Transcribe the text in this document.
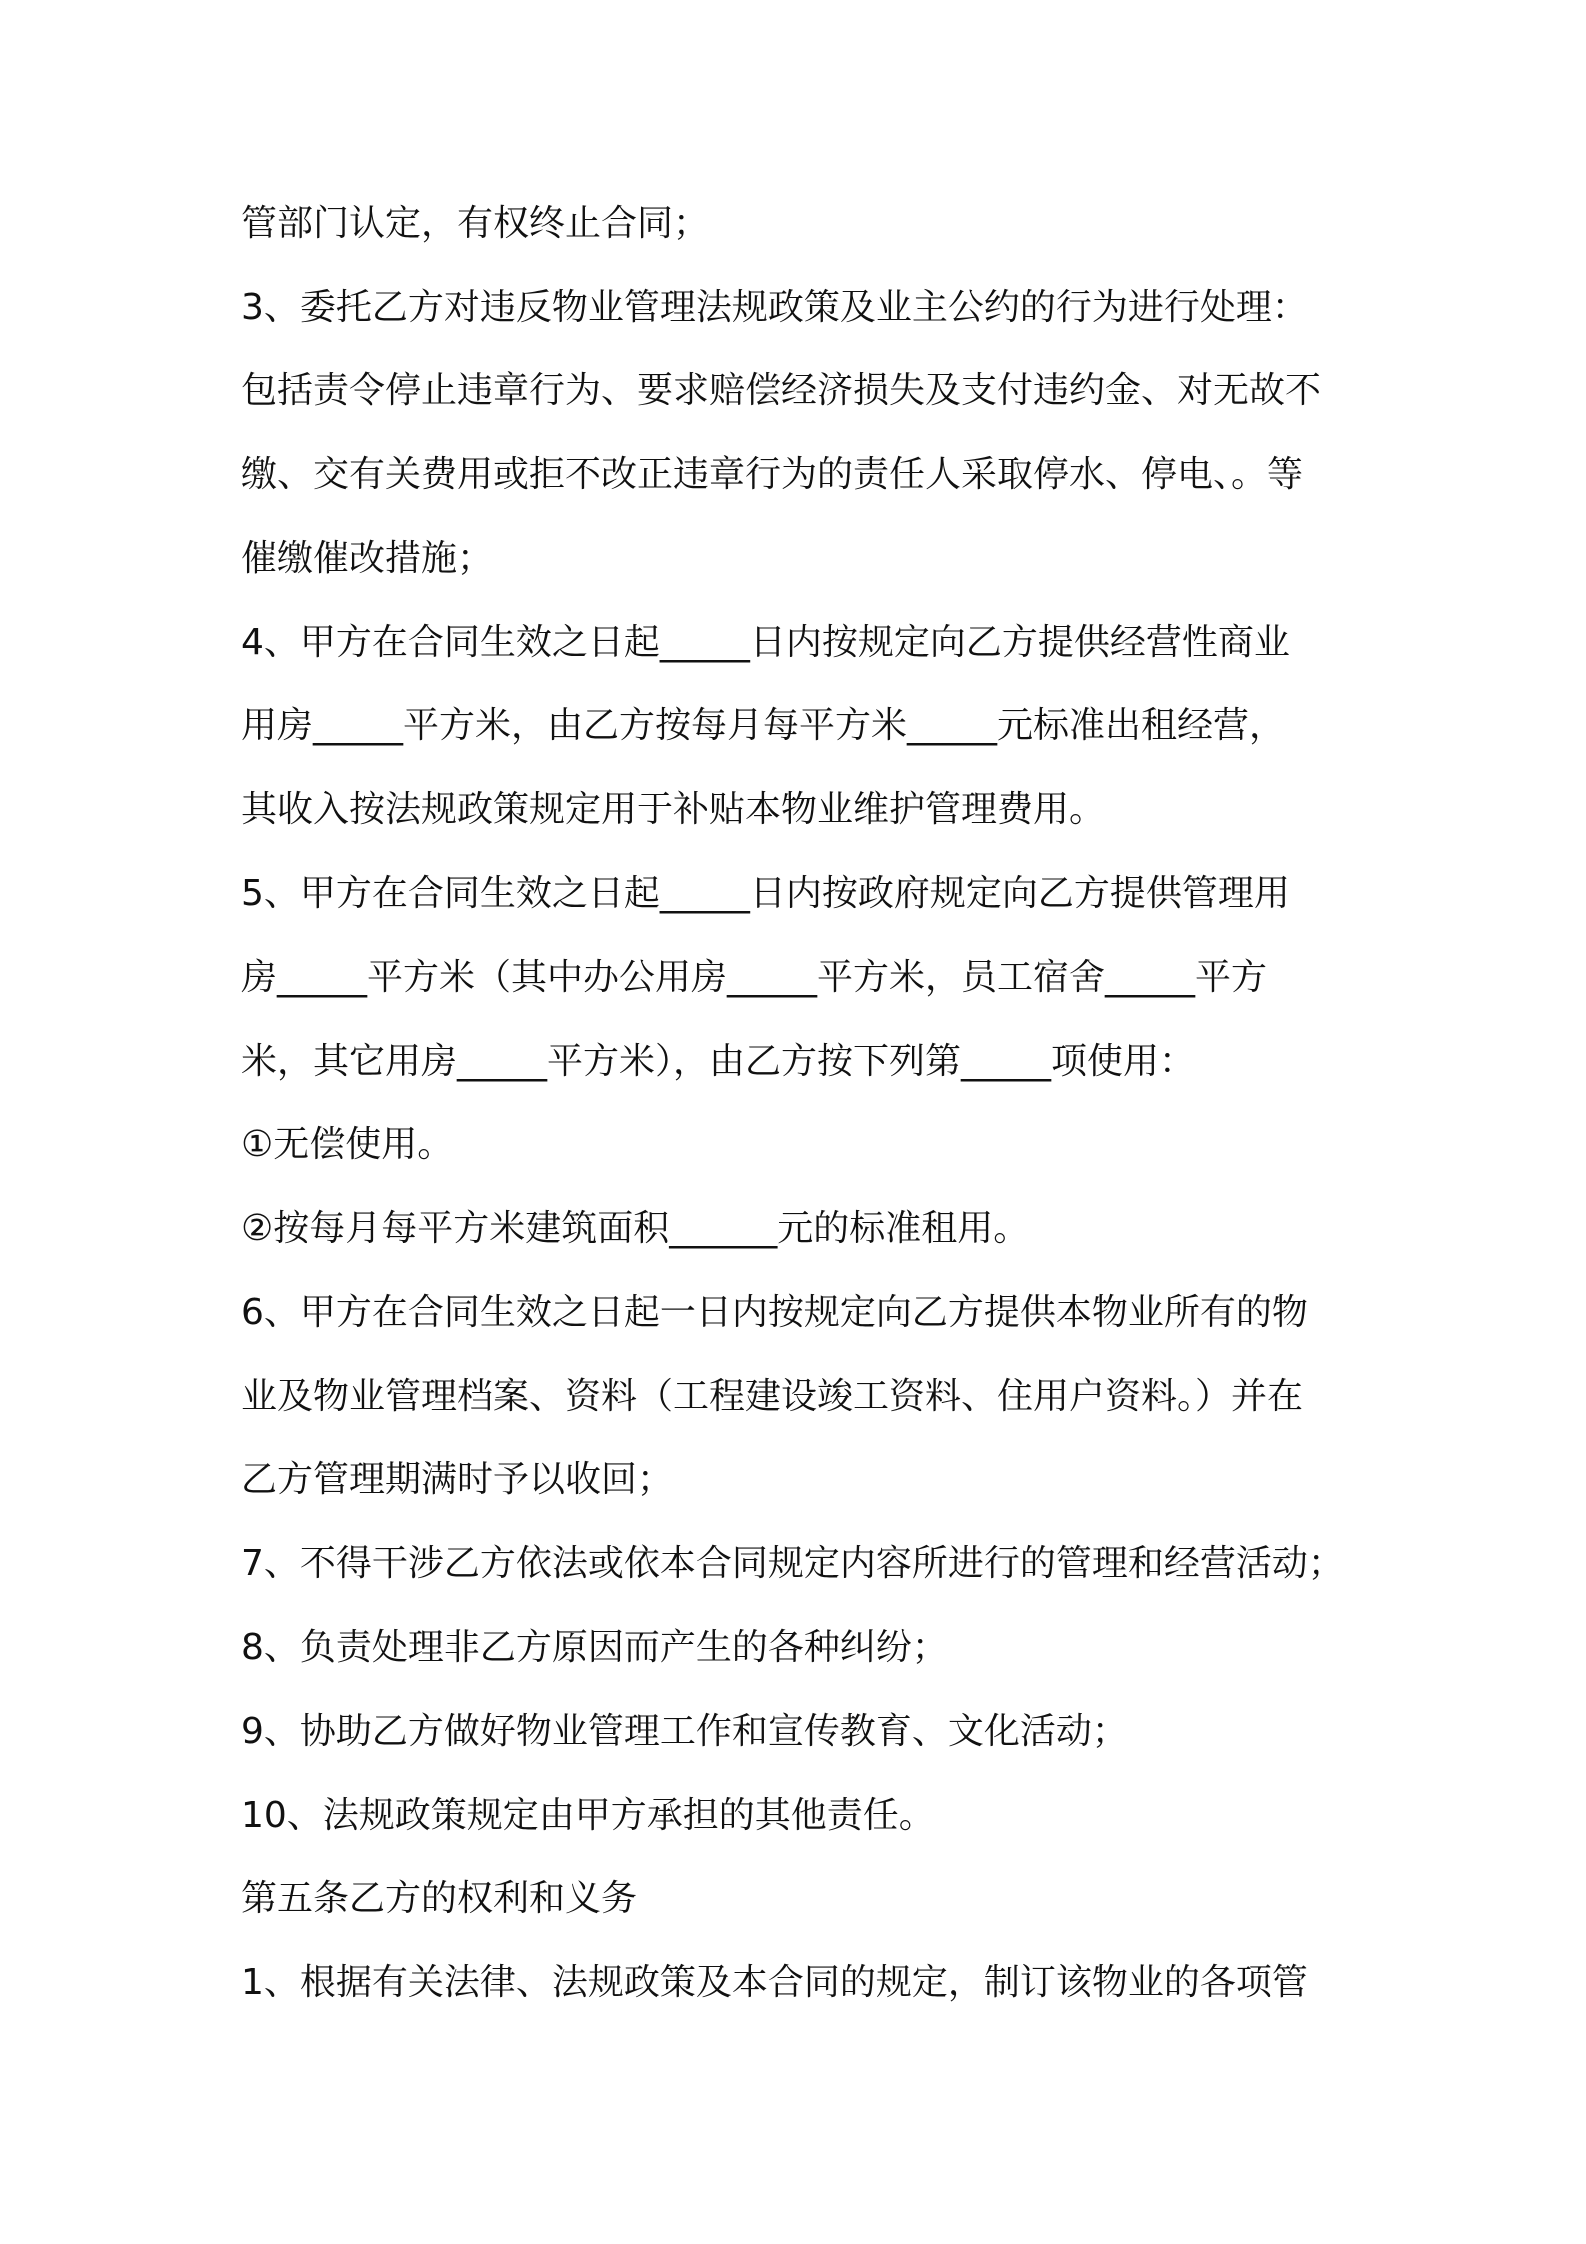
管部门认定，有权终止合同；

3、委托乙方对违反物业管理法规政策及业主公约的行为进行处理：

包括责令停止违章行为、要求赔偿经济损失及支付违约金、对无故不

缴、交有关费用或拒不改正违章行为的责任人采取停水、停电、。等

催缴催改措施；

4、甲方在合同生效之日起_____日内按规定向乙方提供经营性商业

用房_____平方米，由乙方按每月每平方米_____元标准出租经营，

其收入按法规政策规定用于补贴本物业维护管理费用。

5、甲方在合同生效之日起_____日内按政府规定向乙方提供管理用

房_____平方米（其中办公用房_____平方米，员工宿舍_____平方

米，其它用房_____平方米），由乙方按下列第_____项使用：

①无偿使用。

②按每月每平方米建筑面积______元的标准租用。

6、甲方在合同生效之日起一日内按规定向乙方提供本物业所有的物

业及物业管理档案、资料（工程建设竣工资料、住用户资料。）并在

乙方管理期满时予以收回；

7、不得干涉乙方依法或依本合同规定内容所进行的管理和经营活动；

8、负责处理非乙方原因而产生的各种纠纷；

9、协助乙方做好物业管理工作和宣传教育、文化活动；

10、法规政策规定由甲方承担的其他责任。

第五条乙方的权利和义务

1、根据有关法律、法规政策及本合同的规定，制订该物业的各项管
